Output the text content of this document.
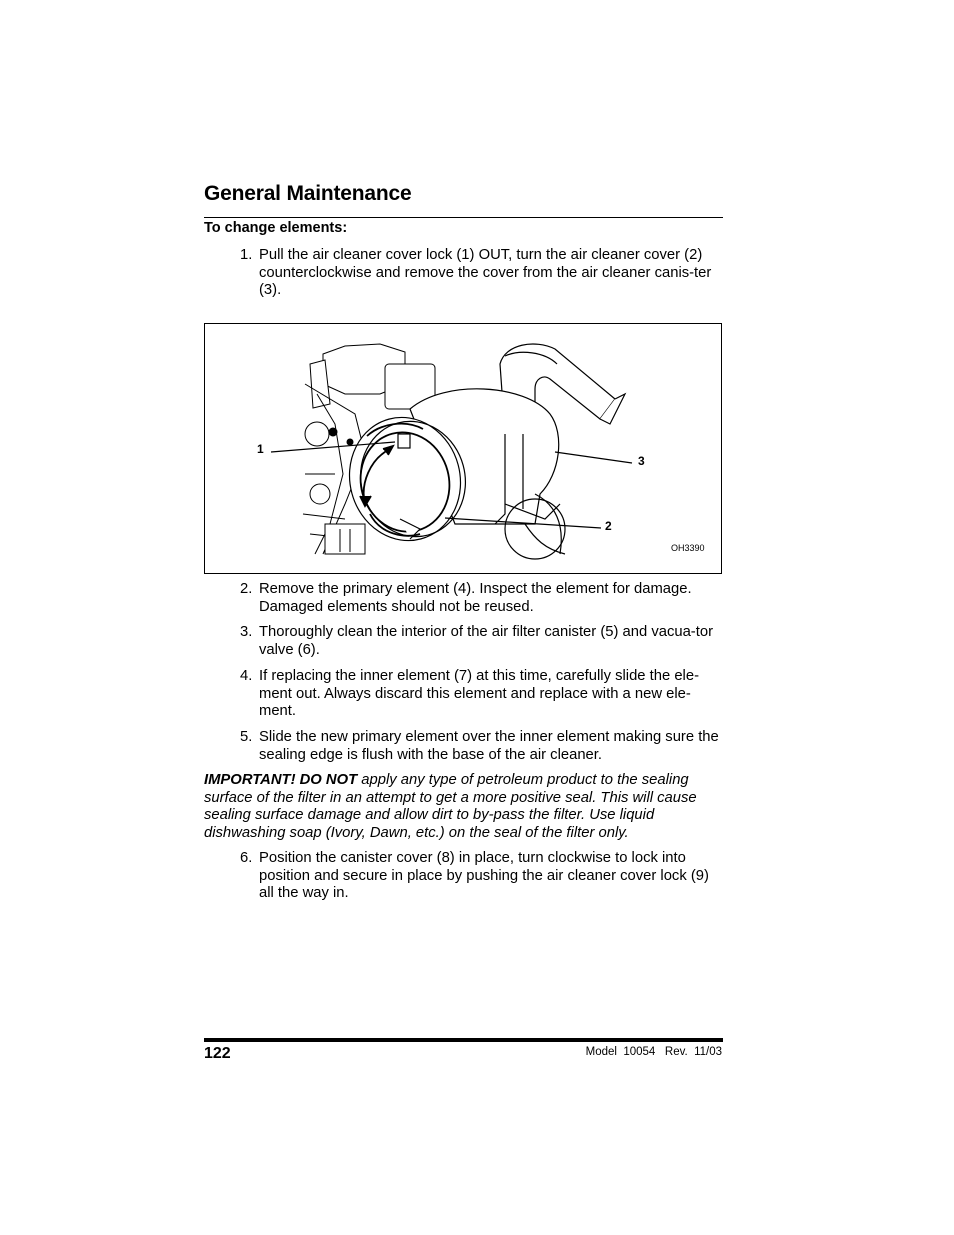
General Maintenance
To change elements:
1. Pull the air cleaner cover lock (1) OUT, turn the air cleaner cover (2) counterclockwise and remove the cover from the air cleaner canis-ter (3).
1
2
3
OH3390
2. Remove the primary element (4). Inspect the element for damage. Damaged elements should not be reused.
3. Thoroughly clean the interior of the air filter canister (5) and vacua-tor valve (6).
4. If replacing the inner element (7) at this time, carefully slide the ele-ment out. Always discard this element and replace with a new ele-ment.
5. Slide the new primary element over the inner element making sure the sealing edge is flush with the base of the air cleaner.
IMPORTANT! DO NOT apply any type of petroleum product to the sealing surface of the filter in an attempt to get a more positive seal. This will cause sealing surface damage and allow dirt to by-pass the filter. Use liquid dishwashing soap (Ivory, Dawn, etc.) on the seal of the filter only.
6. Position the canister cover (8) in place, turn clockwise to lock into position and secure in place by pushing the air cleaner cover lock (9) all the way in.
122	Model  10054   Rev.  11/03
